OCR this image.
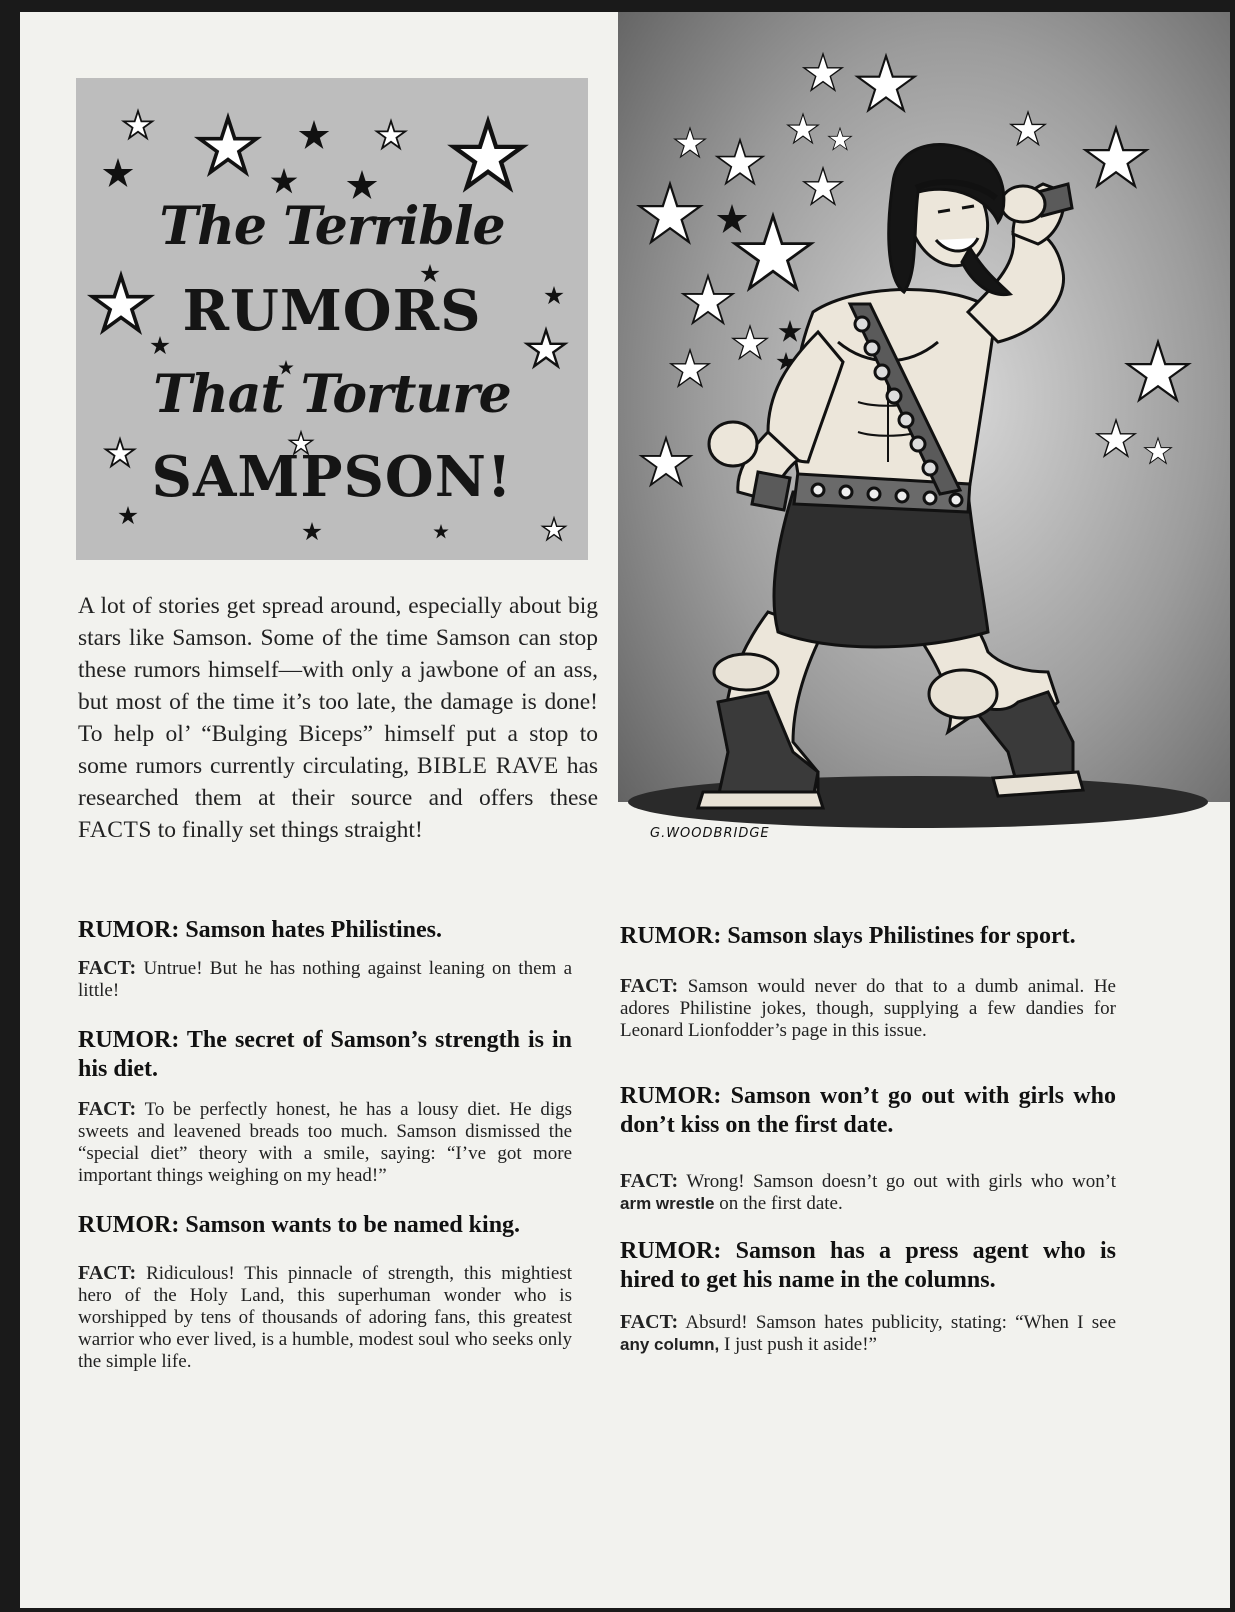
The Terrible
RUMORS
That Torture
SAMPSON!
A lot of stories get spread around, especially about big stars like Samson. Some of the time Samson can stop these rumors himself—with only a jawbone of an ass, but most of the time it’s too late, the damage is done! To help ol’ “Bulging Biceps” himself put a stop to some rumors currently circulating, BIBLE RAVE has researched them at their source and offers these FACTS to finally set things straight!	G.WOODBRIDGE
RUMOR: Samson hates Philistines.
FACT: Untrue! But he has nothing against leaning on them a little!
RUMOR: The secret of Samson’s strength is in his diet.
FACT: To be perfectly honest, he has a lousy diet. He digs sweets and leavened breads too much. Samson dismissed the “special diet” theory with a smile, saying: “I’ve got more important things weighing on my head!”
RUMOR: Samson wants to be named king.
FACT: Ridiculous! This pinnacle of strength, this mightiest hero of the Holy Land, this superhuman wonder who is worshipped by tens of thousands of adoring fans, this greatest warrior who ever lived, is a humble, modest soul who seeks only the simple life.
RUMOR: Samson slays Philistines for sport.
FACT: Samson would never do that to a dumb animal. He adores Philistine jokes, though, supplying a few dandies for Leonard Lionfodder’s page in this issue.
RUMOR: Samson won’t go out with girls who don’t kiss on the first date.
FACT: Wrong! Samson doesn’t go out with girls who won’t arm wrestle on the first date.
RUMOR: Samson has a press agent who is hired to get his name in the columns.
FACT: Absurd! Samson hates publicity, stating: “When I see any column, I just push it aside!”
